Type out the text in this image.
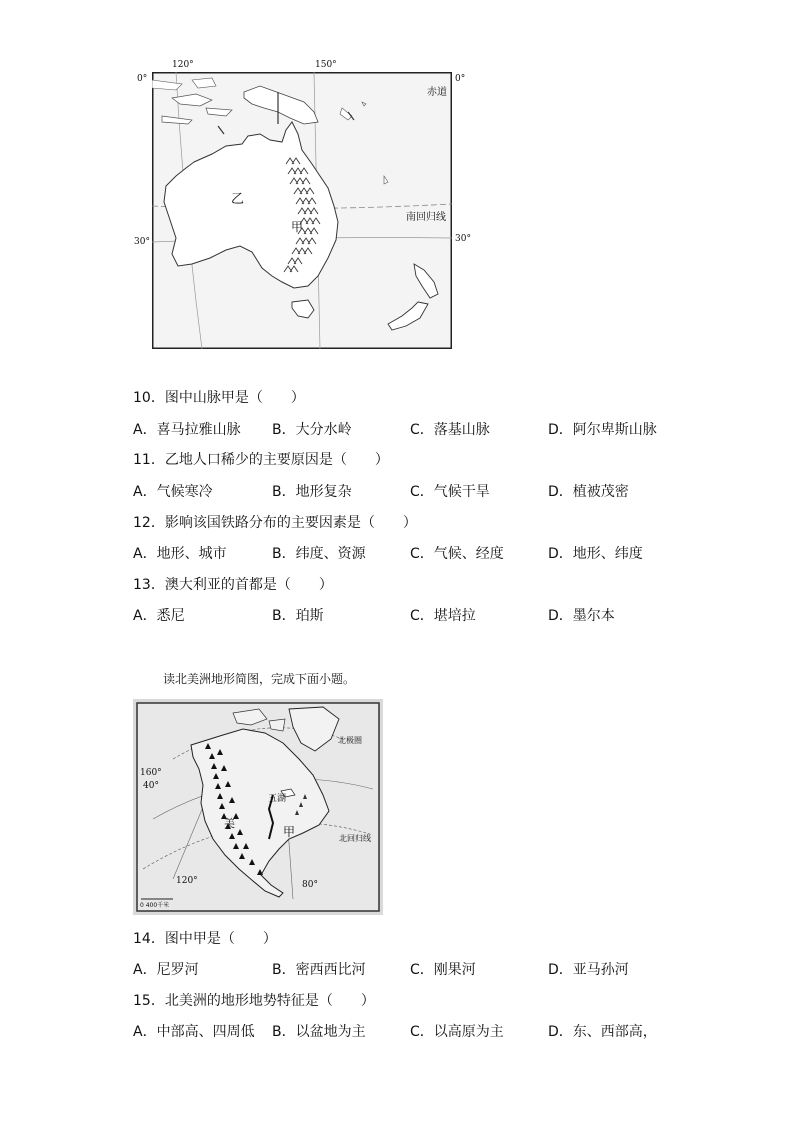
120°	150°
0°	0°
30°	30°
赤道
南回归线
乙
甲
10．图中山脉甲是（　　）
A．喜马拉雅山脉 B．大分水岭	C．落基山脉	D．阿尔卑斯山脉
11．乙地人口稀少的主要原因是（　　）
A．气候寒冷	B．地形复杂	C．气候干旱	D．植被茂密
12．影响该国铁路分布的主要因素是（　　）
A．地形、城市	B．纬度、资源	C．气候、经度	D．地形、纬度
13．澳大利亚的首都是（　　）
A．悉尼	B．珀斯	C．堪培拉	D．墨尔本
读北美洲地形简图，完成下面小题。
160°
40°
120°	80°
五湖
甲
美
北回归线
北极圈
0 400千米
14．图中甲是（　　）
A．尼罗河	B．密西西比河	C．刚果河	D．亚马孙河
15．北美洲的地形地势特征是（　　）
A．中部高、四周低 B．以盆地为主	C．以高原为主	D．东、西部高，
